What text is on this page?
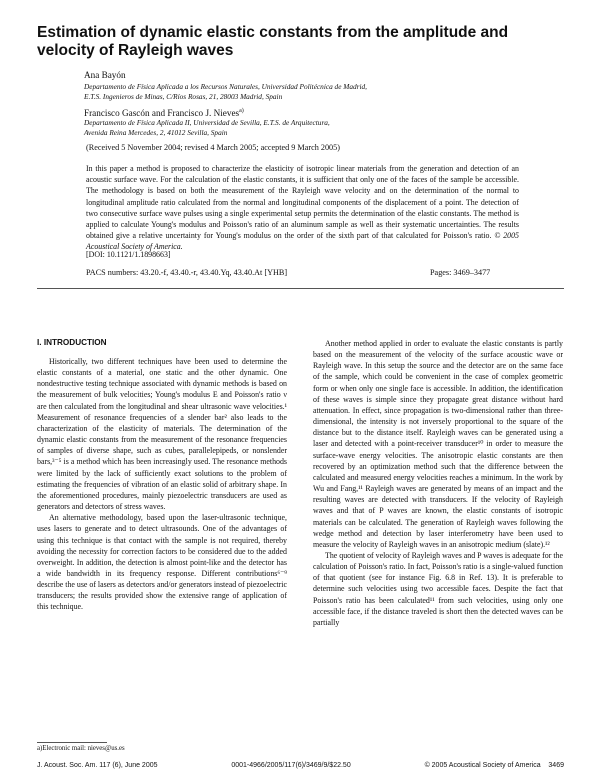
Estimation of dynamic elastic constants from the amplitude and velocity of Rayleigh waves
Ana Bayón
Departamento de Física Aplicada a los Recursos Naturales, Universidad Politécnica de Madrid,
E.T.S. Ingenieros de Minas, C/Ríos Rosas, 21, 28003 Madrid, Spain
Francisco Gascón and Francisco J. Nieves$^{a)}$
Departamento de Física Aplicada II, Universidad de Sevilla, E.T.S. de Arquitectura,
Avenida Reina Mercedes, 2, 41012 Sevilla, Spain
(Received 5 November 2004; revised 4 March 2005; accepted 9 March 2005)

In this paper a method is proposed to characterize the elasticity of isotropic linear materials from the generation and detection of an acoustic surface wave. For the calculation of the elastic constants, it is sufficient that only one of the faces of the sample be accessible. The methodology is based on both the measurement of the Rayleigh wave velocity and on the determination of the normal to longitudinal amplitude ratio calculated from the normal and longitudinal components of the displacement of a point. The detection of two consecutive surface wave pulses using a single experimental setup permits the determination of the elastic constants. The method is applied to calculate Young's modulus and Poisson's ratio of an aluminum sample as well as their systematic uncertainties. The results obtained give a relative uncertainty for Young's modulus on the order of the sixth part of that calculated for Poisson's ratio. © 2005 Acoustical Society of America.

[DOI: 10.1121/1.1898663]
PACS numbers: 43.20.-f, 43.40.-r, 43.40.Yq, 43.40.At [YHB]	Pages: 3469–3477
I. INTRODUCTION

Historically, two different techniques have been used to determine the elastic constants of a material, one static and the other dynamic. One nondestructive testing technique associated with dynamic methods is based on the measurement of bulk velocities; Young's modulus E and Poisson's ratio ν are then calculated from the longitudinal and shear ultrasonic wave velocities.¹ Measurement of resonance frequencies of a slender bar² also leads to the characterization of the elasticity of materials. The determination of the dynamic elastic constants from the measurement of the resonance frequencies of samples of diverse shape, such as cubes, parallelepipeds, or nonslender bars,³⁻⁵ is a method which has been increasingly used. The resonance methods were limited by the lack of sufficiently exact solutions to the problem of estimating the frequencies of vibration of an elastic solid of arbitrary shape. In the aforementioned procedures, mainly piezoelectric transducers are used as generators and detectors of stress waves.

An alternative methodology, based upon the laser-ultrasonic technique, uses lasers to generate and to detect ultrasounds. One of the advantages of using this technique is that contact with the sample is not required, thereby avoiding the necessity for correction factors to be considered due to the added overweight. In addition, the detection is almost point-like and the detector has a wide bandwidth in its frequency response. Different contributions⁶⁻⁹ describe the use of lasers as detectors and/or generators instead of piezoelectric transducers; the results provided show the extensive range of application of this technique.

Another method applied in order to evaluate the elastic constants is partly based on the measurement of the velocity of the surface acoustic wave or Rayleigh wave. In this setup the source and the detector are on the same face of the sample, which could be convenient in the case of complex geometric form or when only one single face is accessible. In addition, the identification of these waves is simple since they propagate great distance without hard attenuation. In effect, since propagation is two-dimensional rather than three-dimensional, the intensity is not inversely proportional to the square of the distance but to the distance itself. Rayleigh waves can be generated using a laser and detected with a point-receiver transducer¹⁰ in order to measure the surface-wave energy velocities. The anisotropic elastic constants are then recovered by an optimization method such that the difference between the calculated and measured energy velocities reaches a minimum. In the work by Wu and Fang,¹¹ Rayleigh waves are generated by means of an impact and the resulting waves are detected with transducers. If the velocity of Rayleigh waves and that of P waves are known, the elastic constants of isotropic materials can be calculated. The generation of Rayleigh waves following the wedge method and detection by laser interferometry have been used to measure the velocity of Rayleigh waves in an anisotropic medium (slate).¹²

The quotient of velocity of Rayleigh waves and P waves is adequate for the calculation of Poisson's ratio. In fact, Poisson's ratio is a single-valued function of that quotient (see for instance Fig. 6.8 in Ref. 13). It is preferable to determine such velocities using two accessible faces. Despite the fact that Poisson's ratio has been calculated¹¹ from such velocities, using only one accessible face, if the distance traveled is short then the detected waves can be partially

a)Electronic mail: nieves@us.es
J. Acoust. Soc. Am. 117 (6), June 2005	0001-4966/2005/117(6)/3469/9/$22.50	© 2005 Acoustical Society of America 3469
